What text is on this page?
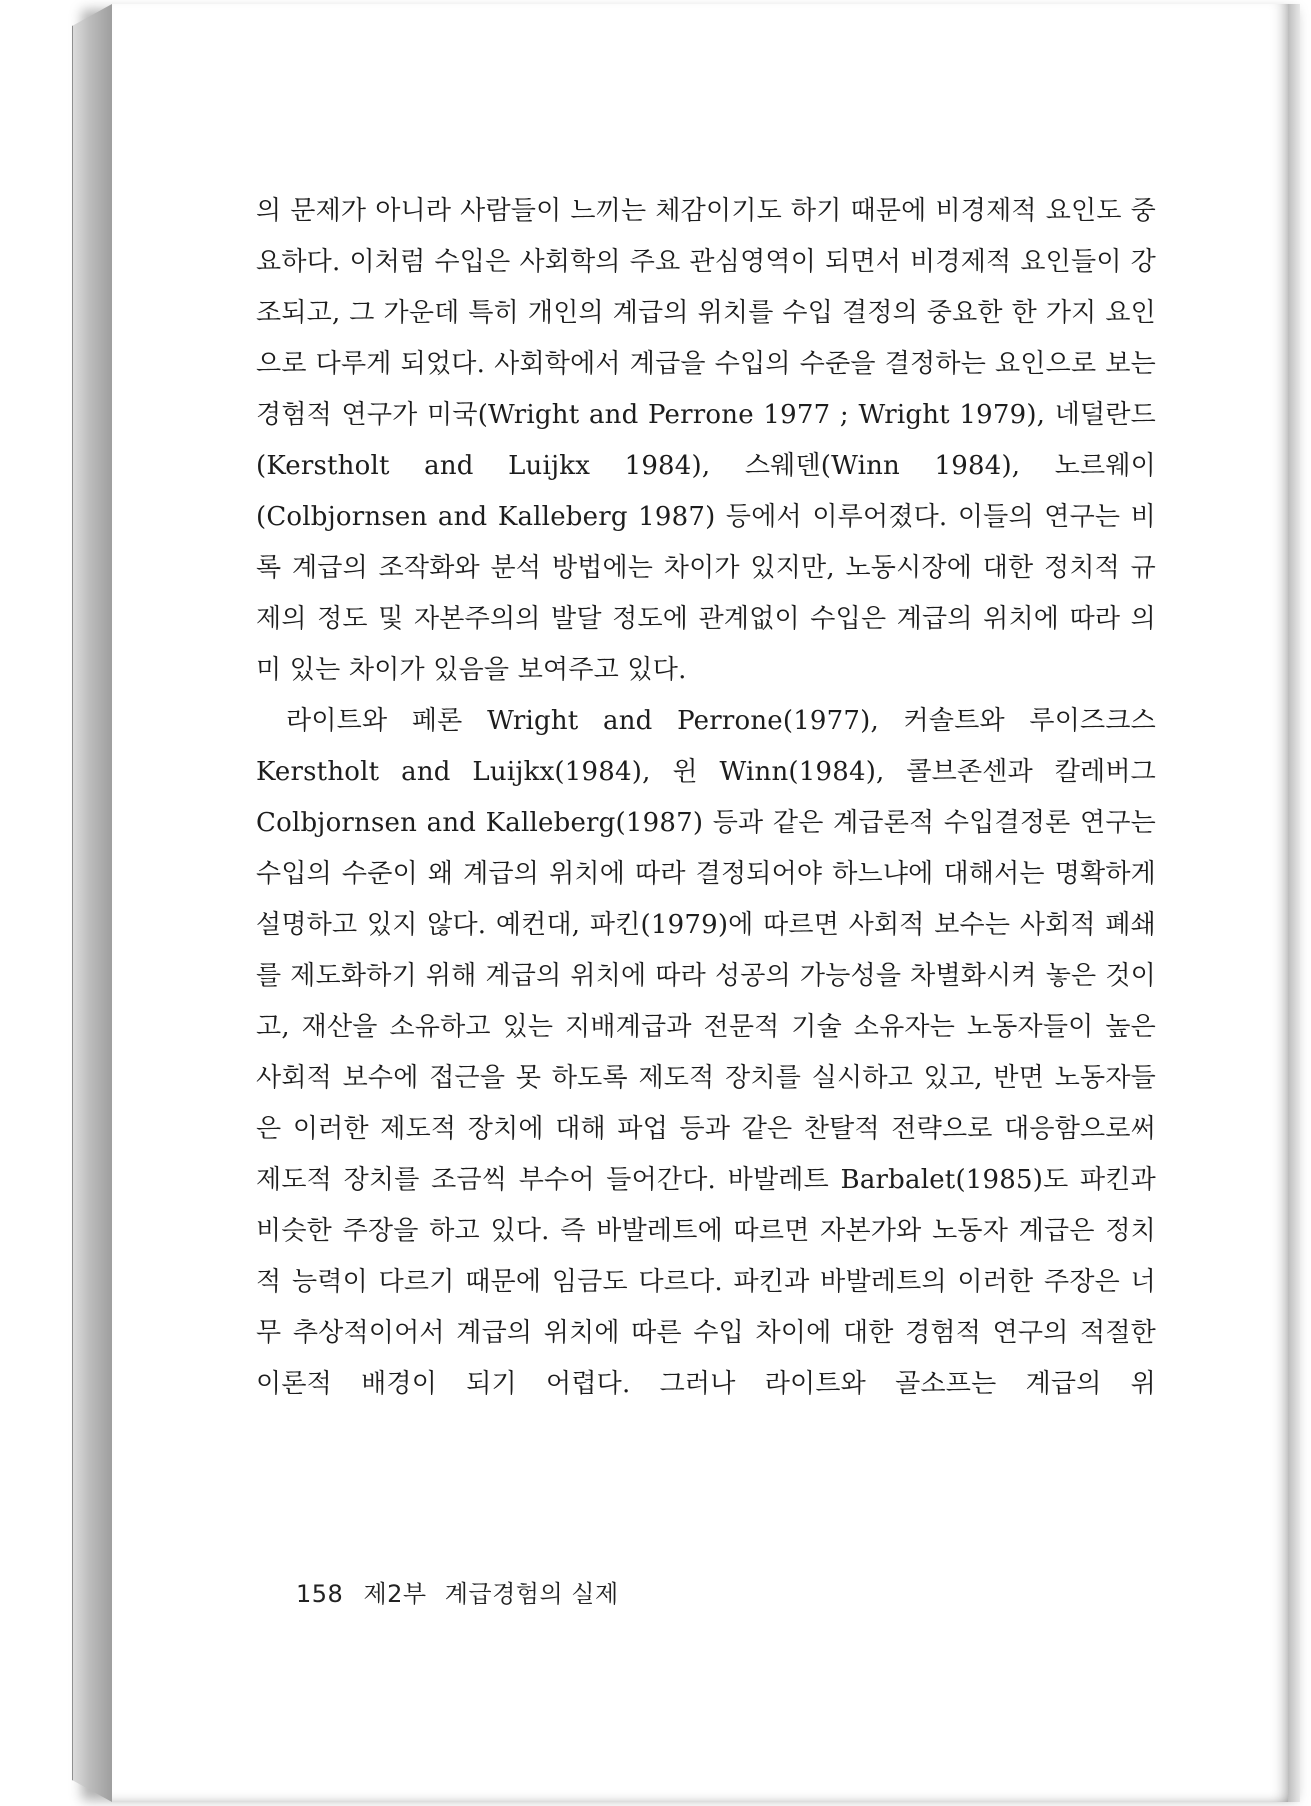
의 문제가 아니라 사람들이 느끼는 체감이기도 하기 때문에 비경제적 요인도 중요하다. 이처럼 수입은 사회학의 주요 관심영역이 되면서 비경제적 요인들이 강조되고, 그 가운데 특히 개인의 계급의 위치를 수입 결정의 중요한 한 가지 요인으로 다루게 되었다. 사회학에서 계급을 수입의 수준을 결정하는 요인으로 보는 경험적 연구가 미국(Wright and Perrone 1977 ; Wright 1979), 네덜란드(Kerstholt and Luijkx 1984), 스웨덴(Winn 1984), 노르웨이(Colbjornsen and Kalleberg 1987) 등에서 이루어졌다. 이들의 연구는 비록 계급의 조작화와 분석 방법에는 차이가 있지만, 노동시장에 대한 정치적 규제의 정도 및 자본주의의 발달 정도에 관계없이 수입은 계급의 위치에 따라 의미 있는 차이가 있음을 보여주고 있다.

라이트와 페론 Wright and Perrone(1977), 커솔트와 루이즈크스 Kerstholt and Luijkx(1984), 윈 Winn(1984), 콜브존센과 칼레버그 Colbjornsen and Kalleberg(1987) 등과 같은 계급론적 수입결정론 연구는 수입의 수준이 왜 계급의 위치에 따라 결정되어야 하느냐에 대해서는 명확하게 설명하고 있지 않다. 예컨대, 파킨(1979)에 따르면 사회적 보수는 사회적 폐쇄를 제도화하기 위해 계급의 위치에 따라 성공의 가능성을 차별화시켜 놓은 것이고, 재산을 소유하고 있는 지배계급과 전문적 기술 소유자는 노동자들이 높은 사회적 보수에 접근을 못 하도록 제도적 장치를 실시하고 있고, 반면 노동자들은 이러한 제도적 장치에 대해 파업 등과 같은 찬탈적 전략으로 대응함으로써 제도적 장치를 조금씩 부수어 들어간다. 바발레트 Barbalet(1985)도 파킨과 비슷한 주장을 하고 있다. 즉 바발레트에 따르면 자본가와 노동자 계급은 정치적 능력이 다르기 때문에 임금도 다르다. 파킨과 바발레트의 이러한 주장은 너무 추상적이어서 계급의 위치에 따른 수입 차이에 대한 경험적 연구의 적절한 이론적 배경이 되기 어렵다. 그러나 라이트와 골소프는 계급의 위

158 제2부 계급경험의 실제
